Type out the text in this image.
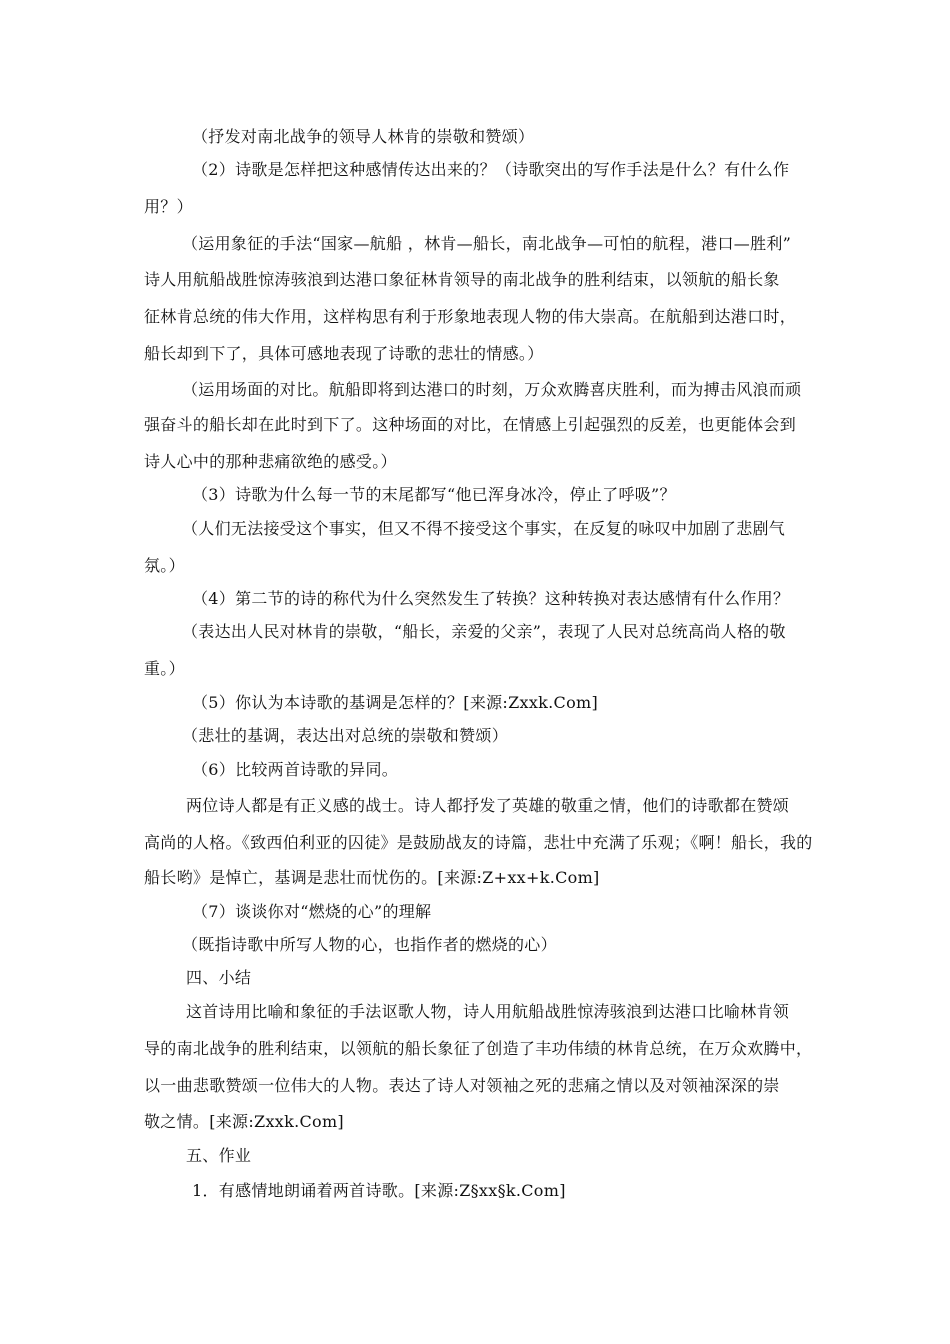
（抒发对南北战争的领导人林肯的崇敬和赞颂）
（2）诗歌是怎样把这种感情传达出来的？（诗歌突出的写作手法是什么？有什么作
用？）
（运用象征的手法“国家—航船 ，林肯—船长，南北战争—可怕的航程，港口—胜利”
诗人用航船战胜惊涛骇浪到达港口象征林肯领导的南北战争的胜利结束，以领航的船长象
征林肯总统的伟大作用，这样构思有利于形象地表现人物的伟大崇高。在航船到达港口时，
船长却到下了，具体可感地表现了诗歌的悲壮的情感。）
（运用场面的对比。航船即将到达港口的时刻，万众欢腾喜庆胜利，而为搏击风浪而顽
强奋斗的船长却在此时到下了。这种场面的对比，在情感上引起强烈的反差，也更能体会到
诗人心中的那种悲痛欲绝的感受。）
（3）诗歌为什么每一节的末尾都写“他已浑身冰冷，停止了呼吸”？
（人们无法接受这个事实，但又不得不接受这个事实，在反复的咏叹中加剧了悲剧气
氛。）
（4）第二节的诗的称代为什么突然发生了转换？这种转换对表达感情有什么作用？
（表达出人民对林肯的崇敬，“船长，亲爱的父亲”，表现了人民对总统高尚人格的敬
重。）
（5）你认为本诗歌的基调是怎样的？[来源:Zxxk.Com]
（悲壮的基调，表达出对总统的崇敬和赞颂）
（6）比较两首诗歌的异同。
两位诗人都是有正义感的战士。诗人都抒发了英雄的敬重之情，他们的诗歌都在赞颂
高尚的人格。《致西伯利亚的囚徒》是鼓励战友的诗篇，悲壮中充满了乐观；《啊！船长，我的
船长哟》是悼亡，基调是悲壮而忧伤的。[来源:Z+xx+k.Com]
（7）谈谈你对“燃烧的心”的理解
（既指诗歌中所写人物的心，也指作者的燃烧的心）
四、小结
这首诗用比喻和象征的手法讴歌人物，诗人用航船战胜惊涛骇浪到达港口比喻林肯领
导的南北战争的胜利结束，以领航的船长象征了创造了丰功伟绩的林肯总统，在万众欢腾中，
以一曲悲歌赞颂一位伟大的人物。表达了诗人对领袖之死的悲痛之情以及对领袖深深的崇
敬之情。[来源:Zxxk.Com]
五、作业
1．有感情地朗诵着两首诗歌。[来源:Z§xx§k.Com]
